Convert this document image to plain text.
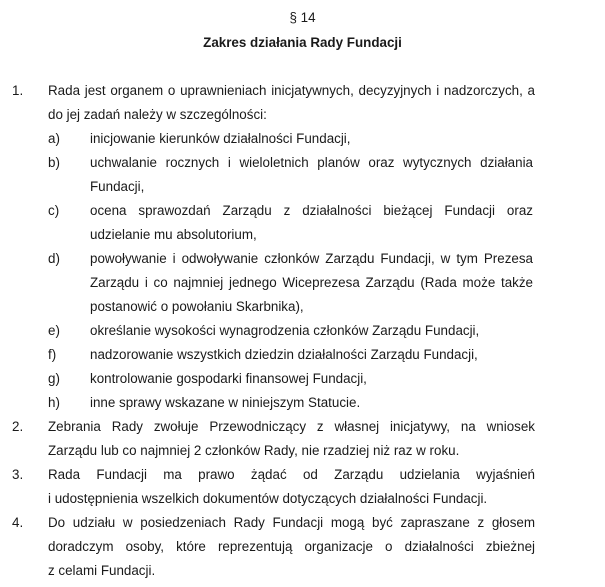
§ 14
Zakres działania Rady Fundacji
1. Rada jest organem o uprawnieniach inicjatywnych, decyzyjnych i nadzorczych, a
do jej zadań należy w szczególności:
a) inicjowanie kierunków działalności Fundacji,
b) uchwalanie rocznych i wieloletnich planów oraz wytycznych działania
Fundacji,
c) ocena sprawozdań Zarządu z działalności bieżącej Fundacji oraz
udzielanie mu absolutorium,
d) powoływanie i odwoływanie członków Zarządu Fundacji, w tym Prezesa
Zarządu i co najmniej jednego Wiceprezesa Zarządu (Rada może także
postanowić o powołaniu Skarbnika),
e) określanie wysokości wynagrodzenia członków Zarządu Fundacji,
f)	nadzorowanie wszystkich dziedzin działalności Zarządu Fundacji,
g) kontrolowanie gospodarki finansowej Fundacji,
h) inne sprawy wskazane w niniejszym Statucie.
2. Zebrania Rady zwołuje Przewodniczący z własnej inicjatywy, na wniosek
Zarządu lub co najmniej 2 członków Rady, nie rzadziej niż raz w roku.
3. Rada Fundacji ma prawo żądać od Zarządu udzielania wyjaśnień
i udostępnienia wszelkich dokumentów dotyczących działalności Fundacji.
4. Do udziału w posiedzeniach Rady Fundacji mogą być zapraszane z głosem
doradczym osoby, które reprezentują organizacje o działalności zbieżnej
z celami Fundacji.
